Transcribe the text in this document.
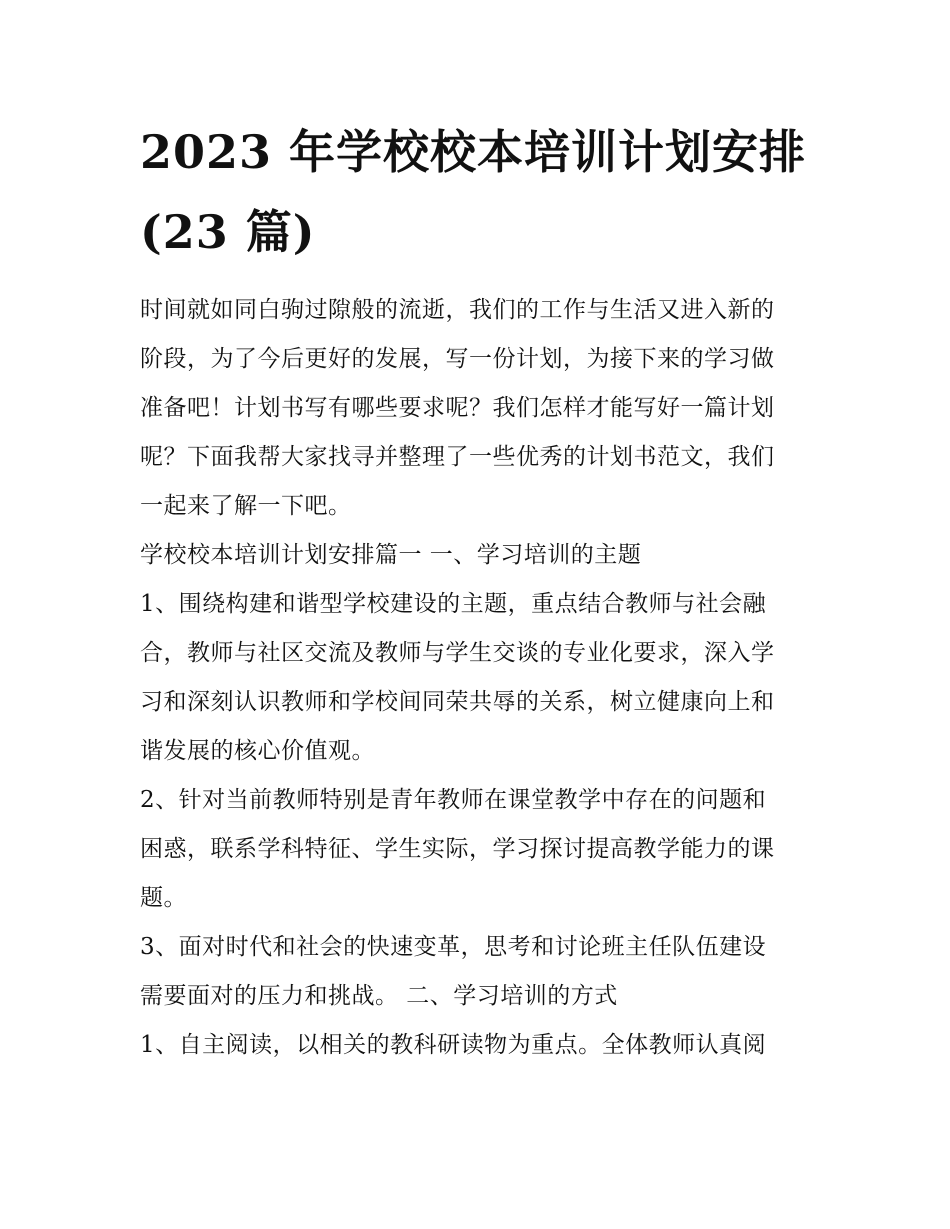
2023 年学校校本培训计划安排
(23 篇)

时间就如同白驹过隙般的流逝，我们的工作与生活又进入新的
阶段，为了今后更好的发展，写一份计划，为接下来的学习做
准备吧！计划书写有哪些要求呢？我们怎样才能写好一篇计划
呢？下面我帮大家找寻并整理了一些优秀的计划书范文，我们
一起来了解一下吧。

学校校本培训计划安排篇一 一、学习培训的主题

1、围绕构建和谐型学校建设的主题，重点结合教师与社会融
合，教师与社区交流及教师与学生交谈的专业化要求，深入学
习和深刻认识教师和学校间同荣共辱的关系，树立健康向上和
谐发展的核心价值观。

2、针对当前教师特别是青年教师在课堂教学中存在的问题和
困惑，联系学科特征、学生实际，学习探讨提高教学能力的课
题。

3、面对时代和社会的快速变革，思考和讨论班主任队伍建设
需要面对的压力和挑战。 二、学习培训的方式

1、自主阅读，以相关的教科研读物为重点。全体教师认真阅
